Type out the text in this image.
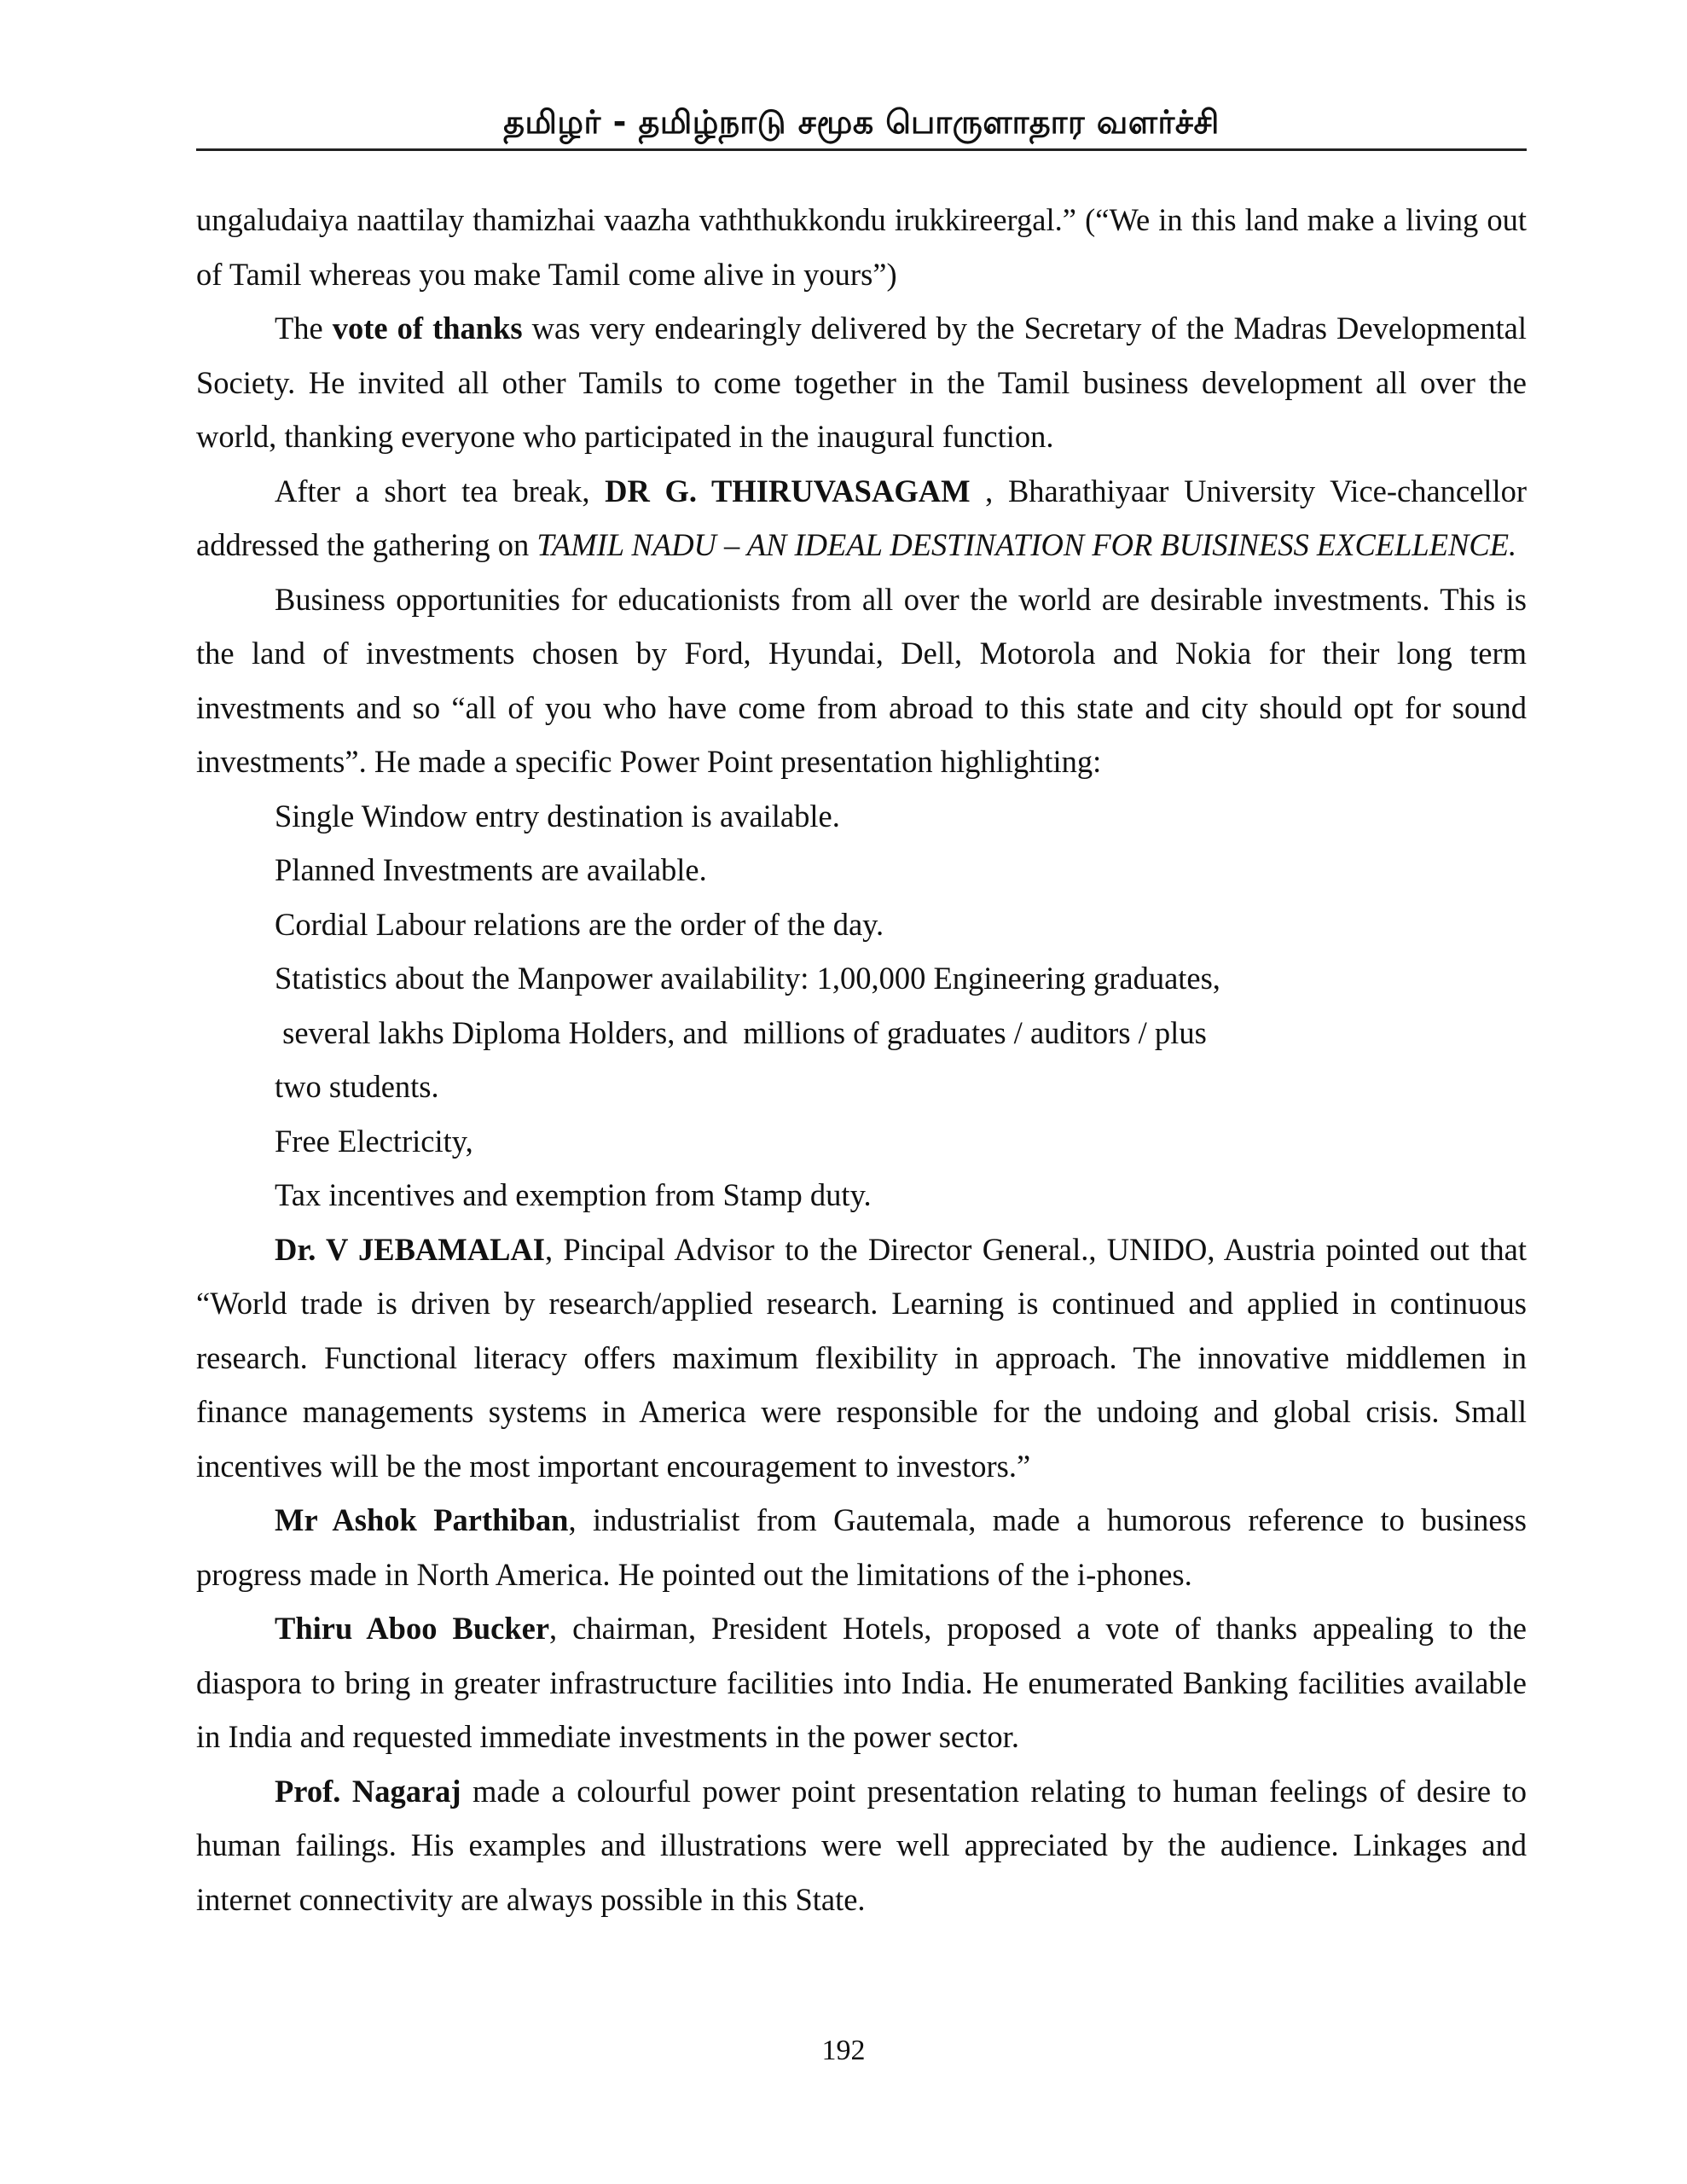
தமிழர் - தமிழ்நாடு சமூக பொருளாதார வளர்ச்சி

ungaludaiya naattilay thamizhai vaazha vaththukkondu irukkireergal.” (“We in this land make a living out of Tamil whereas you make Tamil come alive in yours”)

The vote of thanks was very endearingly delivered by the Secretary of the Madras Developmental Society. He invited all other Tamils to come together in the Tamil business development all over the world, thanking everyone who participated in the inaugural function.

After a short tea break, DR G. THIRUVASAGAM , Bharathiyaar University Vice-chancellor addressed the gathering on TAMIL NADU – AN IDEAL DESTINATION FOR BUISINESS EXCELLENCE.

Business opportunities for educationists from all over the world are desirable investments. This is the land of investments chosen by Ford, Hyundai, Dell, Motorola and Nokia for their long term investments and so “all of you who have come from abroad to this state and city should opt for sound investments”. He made a specific Power Point presentation highlighting:

Single Window entry destination is available.

Planned Investments are available.

Cordial Labour relations are the order of the day.

Statistics about the Manpower availability: 1,00,000 Engineering graduates,

several lakhs Diploma Holders, and  millions of graduates / auditors / plus

two students.

Free Electricity,

Tax incentives and exemption from Stamp duty.

Dr. V JEBAMALAI, Pincipal Advisor to the Director General., UNIDO, Austria pointed out that “World trade is driven by research/applied research. Learning is continued and applied in continuous research. Functional literacy offers maximum flexibility in approach. The innovative middlemen in finance managements systems in America were responsible for the undoing and global crisis. Small incentives will be the most important encouragement to investors.”

Mr Ashok Parthiban, industrialist from Gautemala, made a humorous reference to business progress made in North America. He pointed out the limitations of the i-phones.

Thiru Aboo Bucker, chairman, President Hotels, proposed a vote of thanks appealing to the diaspora to bring in greater infrastructure facilities into India. He enumerated Banking facilities available in India and requested immediate investments in the power sector.

Prof. Nagaraj made a colourful power point presentation relating to human feelings of desire to human failings. His examples and illustrations were well appreciated by the audience. Linkages and internet connectivity are always possible in this State.

192
